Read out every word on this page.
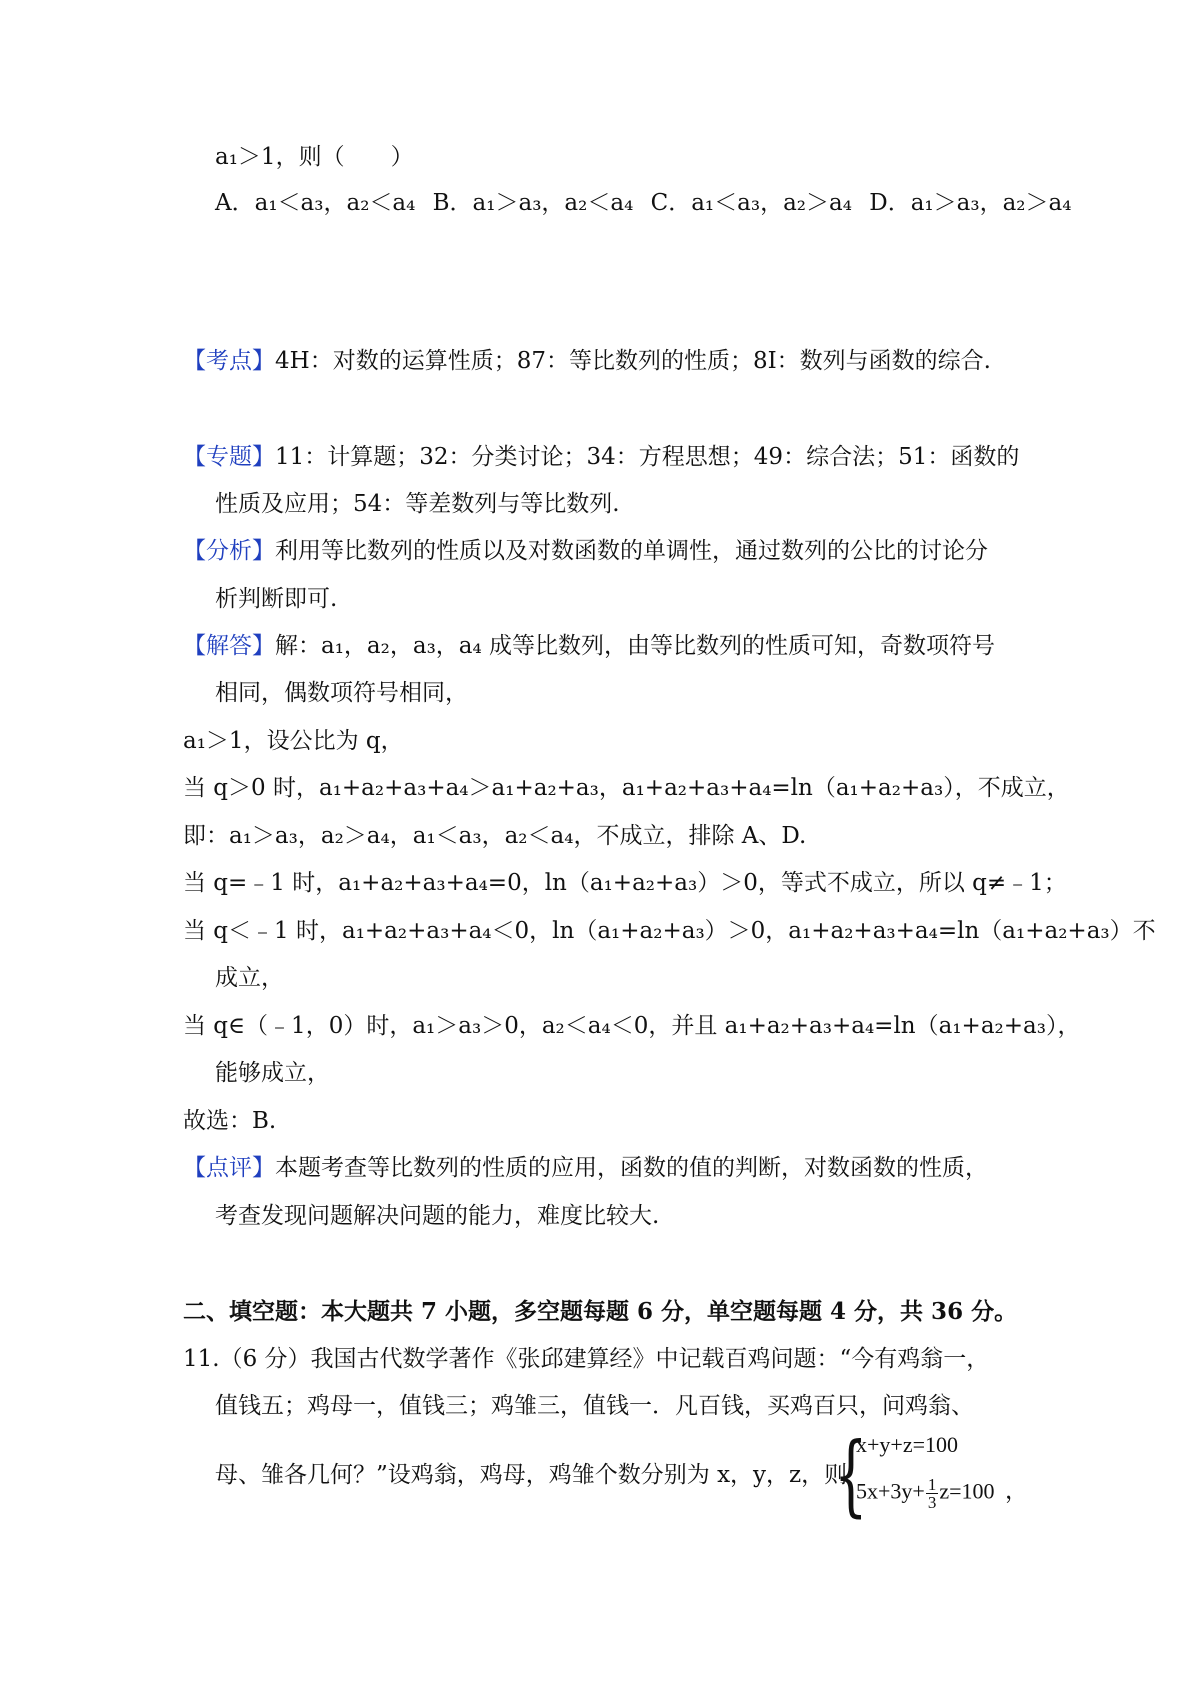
a₁＞1，则（　　）
A．a₁＜a₃，a₂＜a₄ B．a₁＞a₃，a₂＜a₄ C．a₁＜a₃，a₂＞a₄ D．a₁＞a₃，a₂＞a₄
【考点】4H：对数的运算性质；87：等比数列的性质；8I：数列与函数的综合.
【专题】11：计算题；32：分类讨论；34：方程思想；49：综合法；51：函数的
性质及应用；54：等差数列与等比数列.
【分析】利用等比数列的性质以及对数函数的单调性，通过数列的公比的讨论分
析判断即可.
【解答】解：a₁，a₂，a₃，a₄ 成等比数列，由等比数列的性质可知，奇数项符号
相同，偶数项符号相同，
a₁＞1，设公比为 q，
当 q＞0 时，a₁+a₂+a₃+a₄＞a₁+a₂+a₃，a₁+a₂+a₃+a₄=ln（a₁+a₂+a₃），不成立，
即：a₁＞a₃，a₂＞a₄，a₁＜a₃，a₂＜a₄，不成立，排除 A、D.
当 q=﹣1 时，a₁+a₂+a₃+a₄=0，ln（a₁+a₂+a₃）＞0，等式不成立，所以 q≠﹣1；
当 q＜﹣1 时，a₁+a₂+a₃+a₄＜0，ln（a₁+a₂+a₃）＞0，a₁+a₂+a₃+a₄=ln（a₁+a₂+a₃）不
成立，
当 q∈（﹣1，0）时，a₁＞a₃＞0，a₂＜a₄＜0，并且 a₁+a₂+a₃+a₄=ln（a₁+a₂+a₃），
能够成立，
故选：B.
【点评】本题考查等比数列的性质的应用，函数的值的判断，对数函数的性质，
考查发现问题解决问题的能力，难度比较大.
二、填空题：本大题共 7 小题，多空题每题 6 分，单空题每题 4 分，共 36 分。
11.（6 分）我国古代数学著作《张邱建算经》中记载百鸡问题：“今有鸡翁一，
值钱五；鸡母一，值钱三；鸡雏三，值钱一．凡百钱，买鸡百只，问鸡翁、
母、雏各几何？”设鸡翁，鸡母，鸡雏个数分别为 x，y，z，则
{
x+y+z=100
$5x+3y+ \frac{1}{3} z=100$ ，
